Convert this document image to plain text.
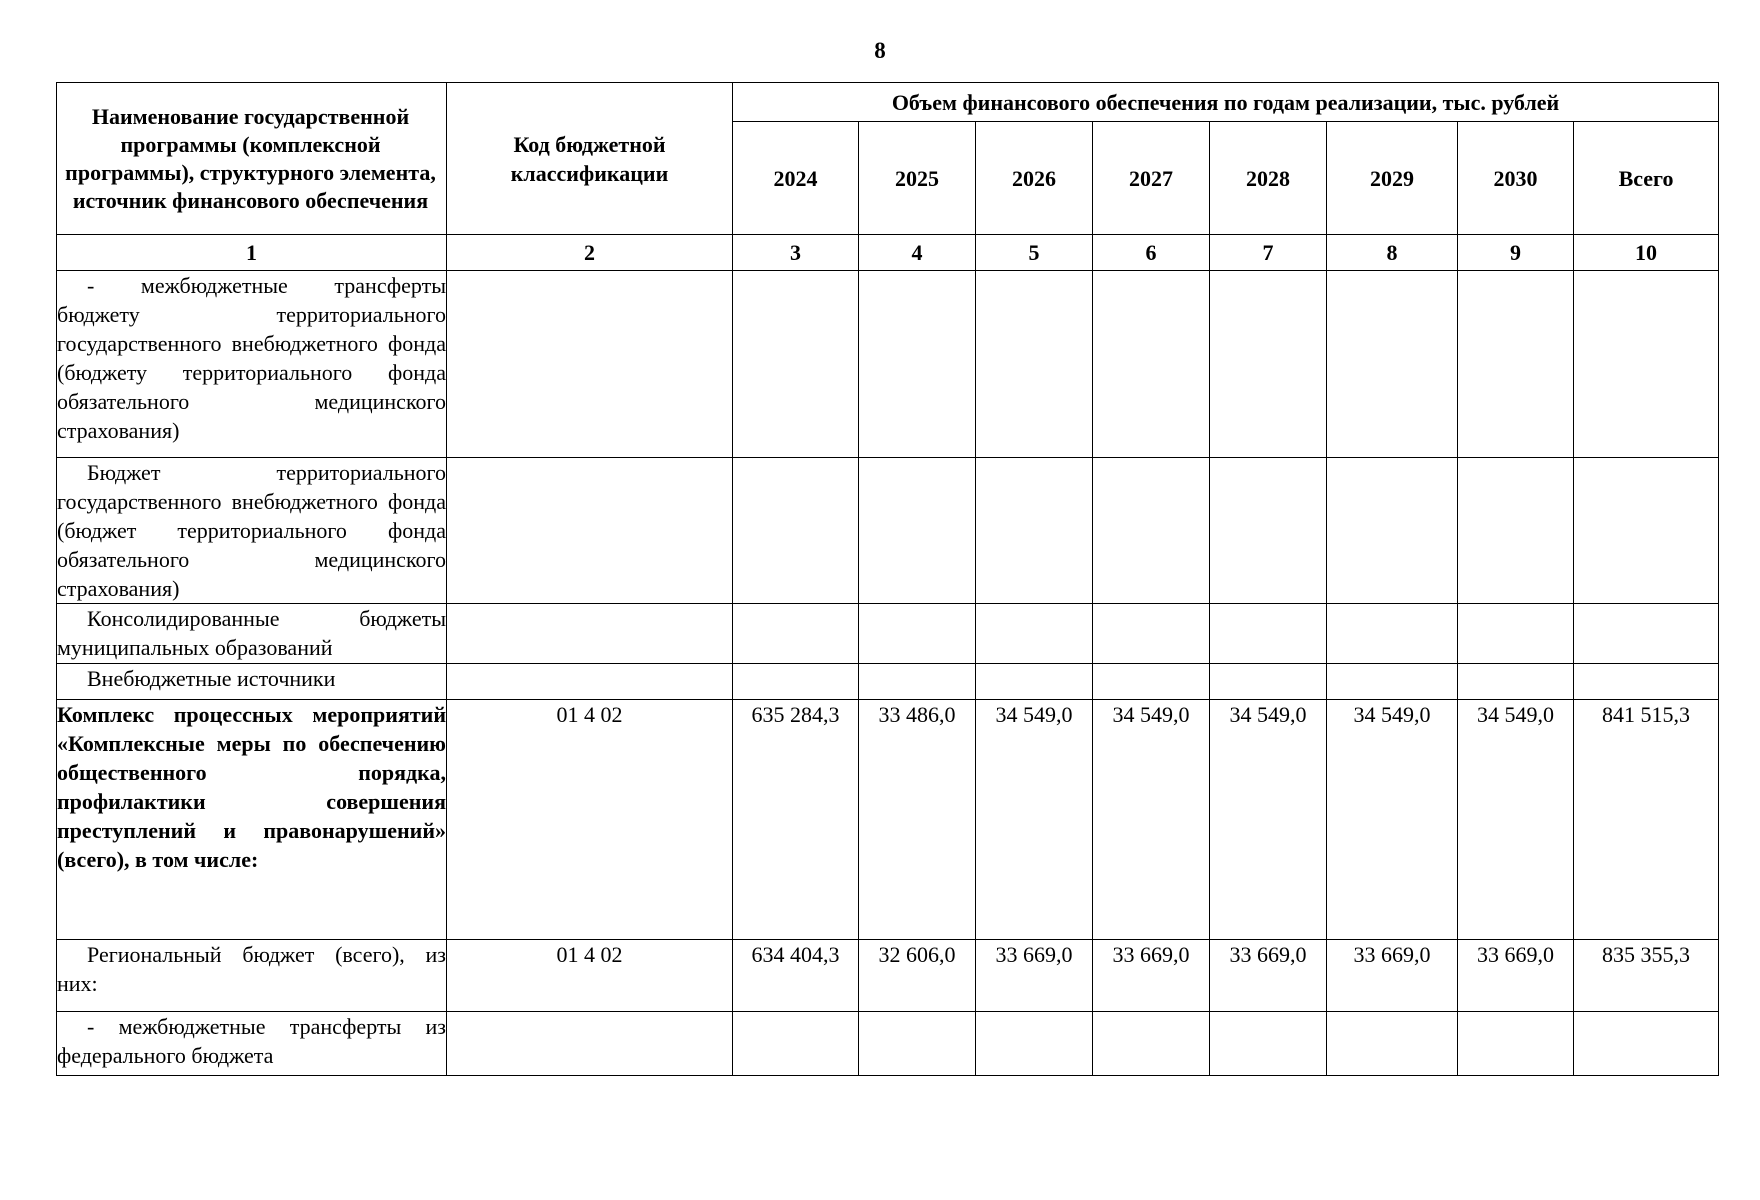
8
Наименование государственной программы (комплексной программы), структурного элемента, источник финансового обеспечения	Код бюджетной классификации	Объем финансового обеспечения по годам реализации, тыс. рублей							
		2024	2025	2026	2027	2028	2029	2030	Всего
1	2	3	4	5	6	7	8	9	10
- межбюджетные трансферты бюджету территориального государственного внебюджетного фонда (бюджету территориального фонда обязательного медицинского страхования)									
Бюджет территориального государственного внебюджетного фонда (бюджет территориального фонда обязательного медицинского страхования)									
Консолидированные бюджеты муниципальных образований									
Внебюджетные источники									
Комплекс процессных мероприятий «Комплексные меры по обеспечению общественного порядка, профилактики совершения преступлений и правонарушений» (всего), в том числе:	01 4 02	635 284,3	33 486,0	34 549,0	34 549,0	34 549,0	34 549,0	34 549,0	841 515,3
Региональный бюджет (всего), из них:	01 4 02	634 404,3	32 606,0	33 669,0	33 669,0	33 669,0	33 669,0	33 669,0	835 355,3
- межбюджетные трансферты из федерального бюджета									
